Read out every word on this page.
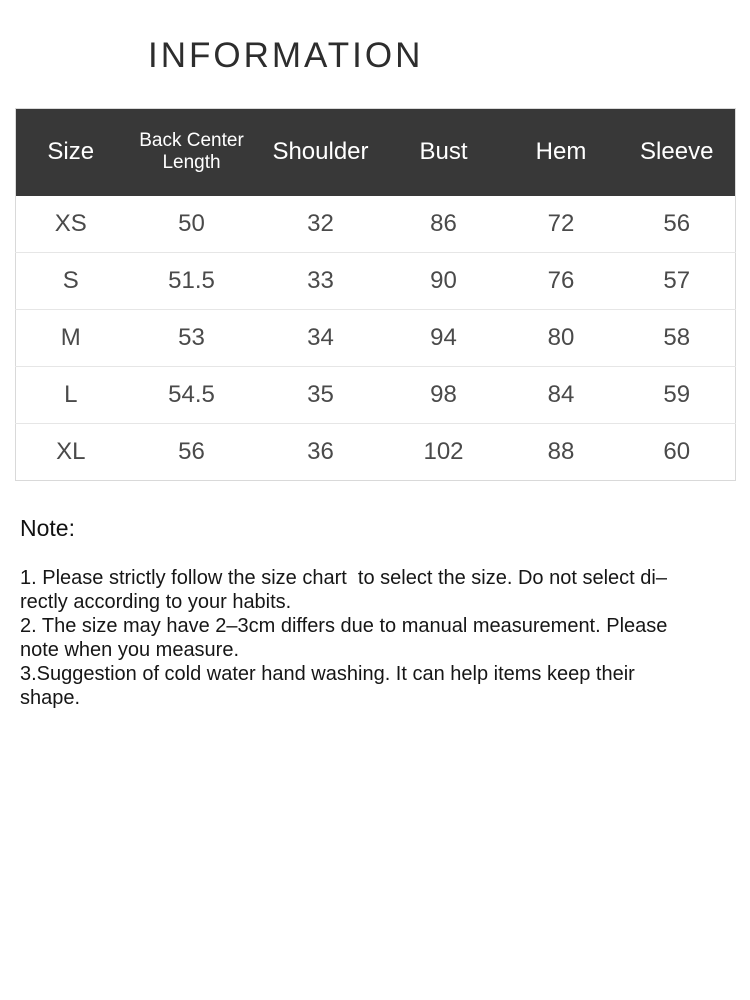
INFORMATION
Size	Back Center Length	Shoulder	Bust	Hem	Sleeve
XS	50	32	86	72	56
S	51.5	33	90	76	57
M	53	34	94	80	58
L	54.5	35	98	84	59
XL	56	36	102	88	60
Note:
1. Please strictly follow the size chart  to select the size. Do not select di–
rectly according to your habits.
2. The size may have 2–3cm differs due to manual measurement. Please
note when you measure.
3.Suggestion of cold water hand washing. It can help items keep their
shape.
